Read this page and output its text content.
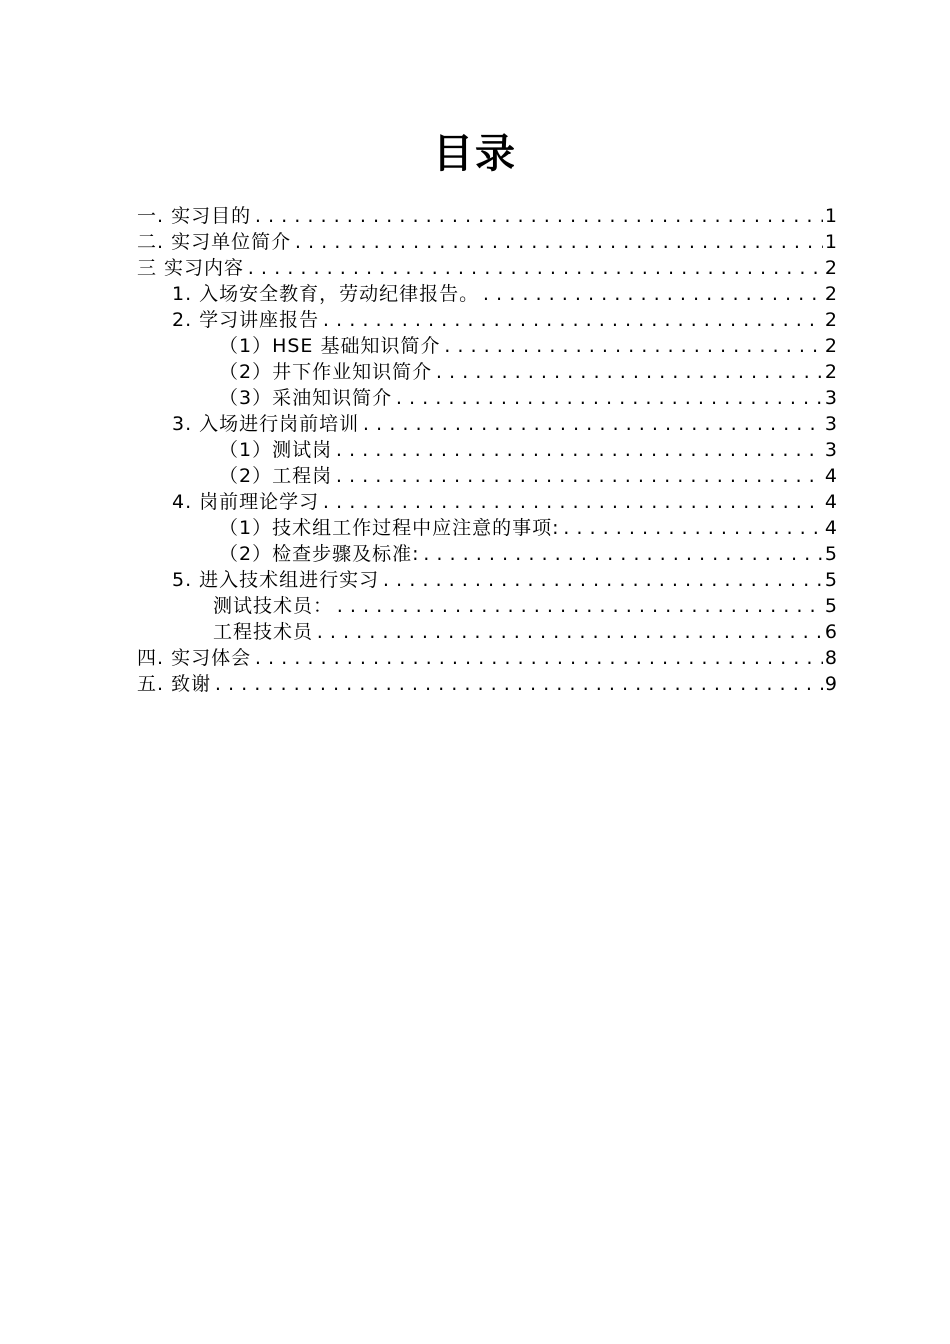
目录
一. 实习目的 .....	1
二. 实习单位简介 .....	1
三 实习内容 .....	2
1. 入场安全教育，劳动纪律报告。 .....	2
2. 学习讲座报告 .....	2
（1）HSE 基础知识简介 .....	2
（2）井下作业知识简介 .....	2
（3）采油知识简介 .....	3
3. 入场进行岗前培训 .....	3
（1）测试岗 .....	3
（2）工程岗 .....	4
4. 岗前理论学习 .....	4
（1）技术组工作过程中应注意的事项: .....	4
（2）检查步骤及标准: .....	5
5. 进入技术组进行实习 .....	5
测试技术员： .....	5
工程技术员 .....	6
四. 实习体会 .....	8
五. 致谢 .....	9
